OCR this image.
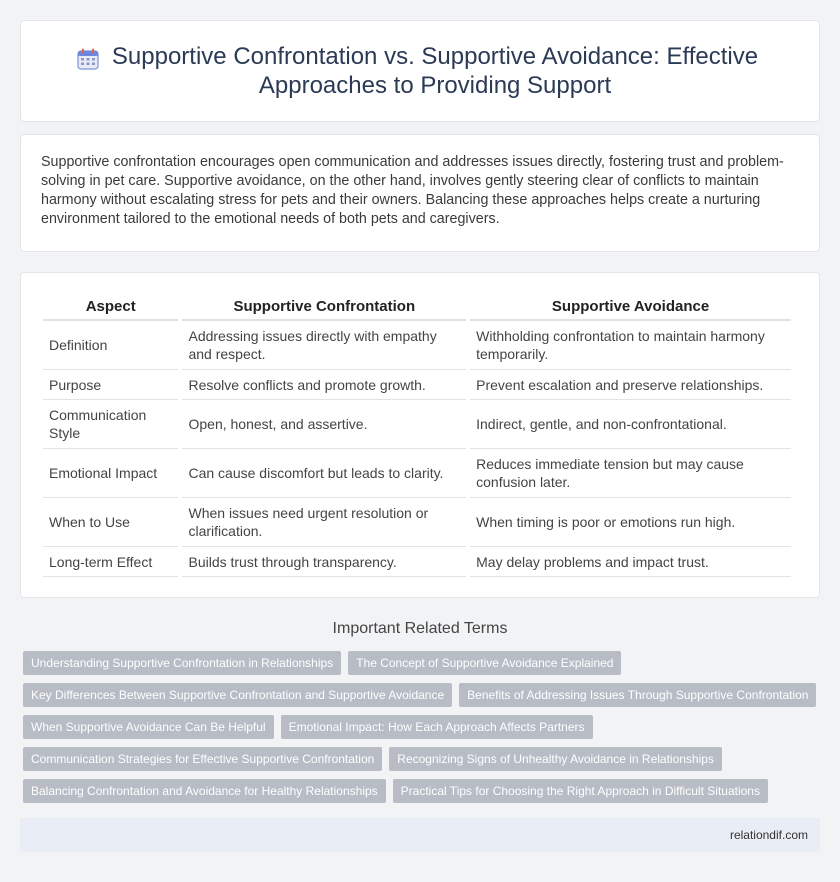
Supportive Confrontation vs. Supportive Avoidance: Effective Approaches to Providing Support

Supportive confrontation encourages open communication and addresses issues directly, fostering trust and problem-solving in pet care. Supportive avoidance, on the other hand, involves gently steering clear of conflicts to maintain harmony without escalating stress for pets and their owners. Balancing these approaches helps create a nurturing environment tailored to the emotional needs of both pets and caregivers.

Aspect	Supportive Confrontation	Supportive Avoidance
Definition	Addressing issues directly with empathy and respect.	Withholding confrontation to maintain harmony temporarily.
Purpose	Resolve conflicts and promote growth.	Prevent escalation and preserve relationships.
Communication Style	Open, honest, and assertive.	Indirect, gentle, and non-confrontational.
Emotional Impact	Can cause discomfort but leads to clarity.	Reduces immediate tension but may cause confusion later.
When to Use	When issues need urgent resolution or clarification.	When timing is poor or emotions run high.
Long-term Effect	Builds trust through transparency.	May delay problems and impact trust.
Important Related Terms
Understanding Supportive Confrontation in Relationships	The Concept of Supportive Avoidance Explained
Key Differences Between Supportive Confrontation and Supportive Avoidance	Benefits of Addressing Issues Through Supportive Confrontation
When Supportive Avoidance Can Be Helpful	Emotional Impact: How Each Approach Affects Partners
Communication Strategies for Effective Supportive Confrontation	Recognizing Signs of Unhealthy Avoidance in Relationships
Balancing Confrontation and Avoidance for Healthy Relationships	Practical Tips for Choosing the Right Approach in Difficult Situations
relationdif.com
